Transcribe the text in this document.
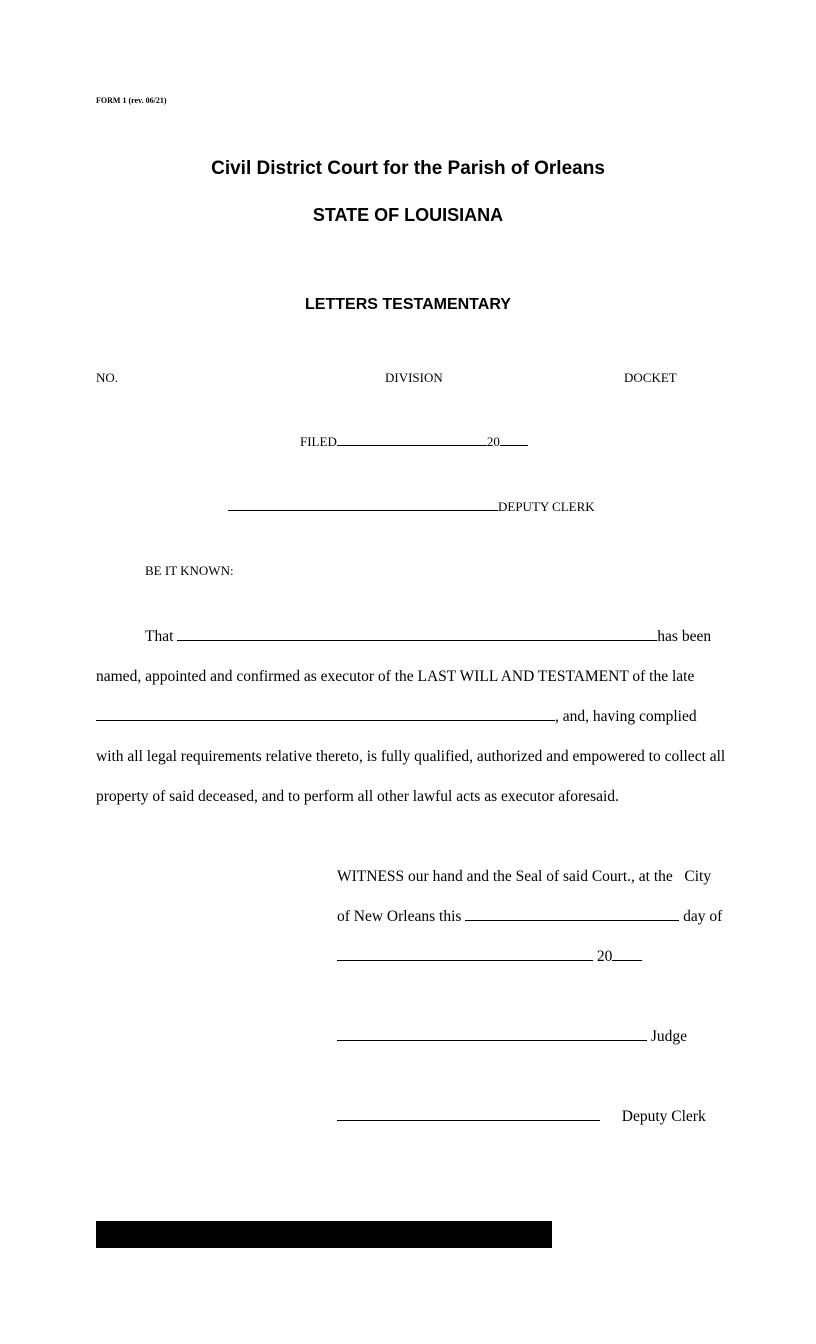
FORM 1 (rev. 06/21)
Civil District Court for the Parish of Orleans
STATE OF LOUISIANA
LETTERS TESTAMENTARY
NO.	DIVISION	DOCKET
FILED	20
DEPUTY CLERK
BE IT KNOWN:
That	has been
named, appointed and confirmed as executor of the LAST WILL AND TESTAMENT of the late
, and, having complied
with all legal requirements relative thereto, is fully qualified, authorized and empowered to collect all
property of said deceased, and to perform all other lawful acts as executor aforesaid.
WITNESS our hand and the Seal of said Court., at the   City
of New Orleans this	day of
20
Judge
Deputy Clerk
